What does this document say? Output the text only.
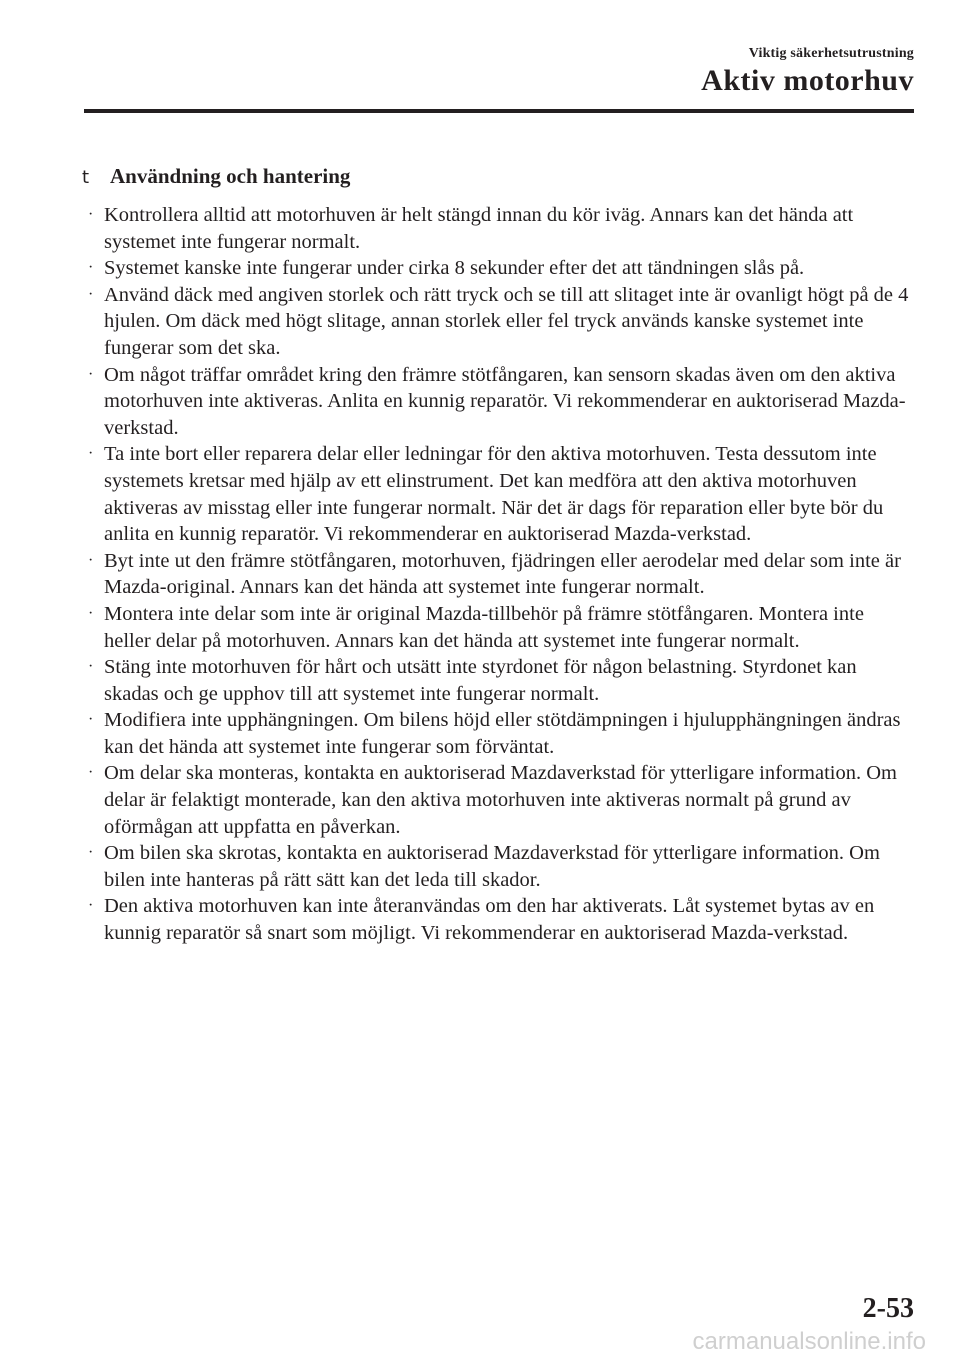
Viktig säkerhetsutrustning
Aktiv motorhuv
t Användning och hantering
· Kontrollera alltid att motorhuven är helt stängd innan du kör iväg. Annars kan det hända att systemet inte fungerar normalt.
· Systemet kanske inte fungerar under cirka 8 sekunder efter det att tändningen slås på.
· Använd däck med angiven storlek och rätt tryck och se till att slitaget inte är ovanligt högt på de 4 hjulen. Om däck med högt slitage, annan storlek eller fel tryck används kanske systemet inte fungerar som det ska.
· Om något träffar området kring den främre stötfångaren, kan sensorn skadas även om den aktiva motorhuven inte aktiveras. Anlita en kunnig reparatör. Vi rekommenderar en auktoriserad Mazda-verkstad.
· Ta inte bort eller reparera delar eller ledningar för den aktiva motorhuven. Testa dessutom inte systemets kretsar med hjälp av ett elinstrument. Det kan medföra att den aktiva motorhuven aktiveras av misstag eller inte fungerar normalt. När det är dags för reparation eller byte bör du anlita en kunnig reparatör. Vi rekommenderar en auktoriserad Mazda-verkstad.
· Byt inte ut den främre stötfångaren, motorhuven, fjädringen eller aerodelar med delar som inte är Mazda-original. Annars kan det hända att systemet inte fungerar normalt.
· Montera inte delar som inte är original Mazda-tillbehör på främre stötfångaren. Montera inte heller delar på motorhuven. Annars kan det hända att systemet inte fungerar normalt.
· Stäng inte motorhuven för hårt och utsätt inte styrdonet för någon belastning. Styrdonet kan skadas och ge upphov till att systemet inte fungerar normalt.
· Modifiera inte upphängningen. Om bilens höjd eller stötdämpningen i hjulupphängningen ändras kan det hända att systemet inte fungerar som förväntat.
· Om delar ska monteras, kontakta en auktoriserad Mazdaverkstad för ytterligare information. Om delar är felaktigt monterade, kan den aktiva motorhuven inte aktiveras normalt på grund av oförmågan att uppfatta en påverkan.
· Om bilen ska skrotas, kontakta en auktoriserad Mazdaverkstad för ytterligare information. Om bilen inte hanteras på rätt sätt kan det leda till skador.
· Den aktiva motorhuven kan inte återanvändas om den har aktiverats. Låt systemet bytas av en kunnig reparatör så snart som möjligt. Vi rekommenderar en auktoriserad Mazda-verkstad.
2-53
carmanualsonline.info
